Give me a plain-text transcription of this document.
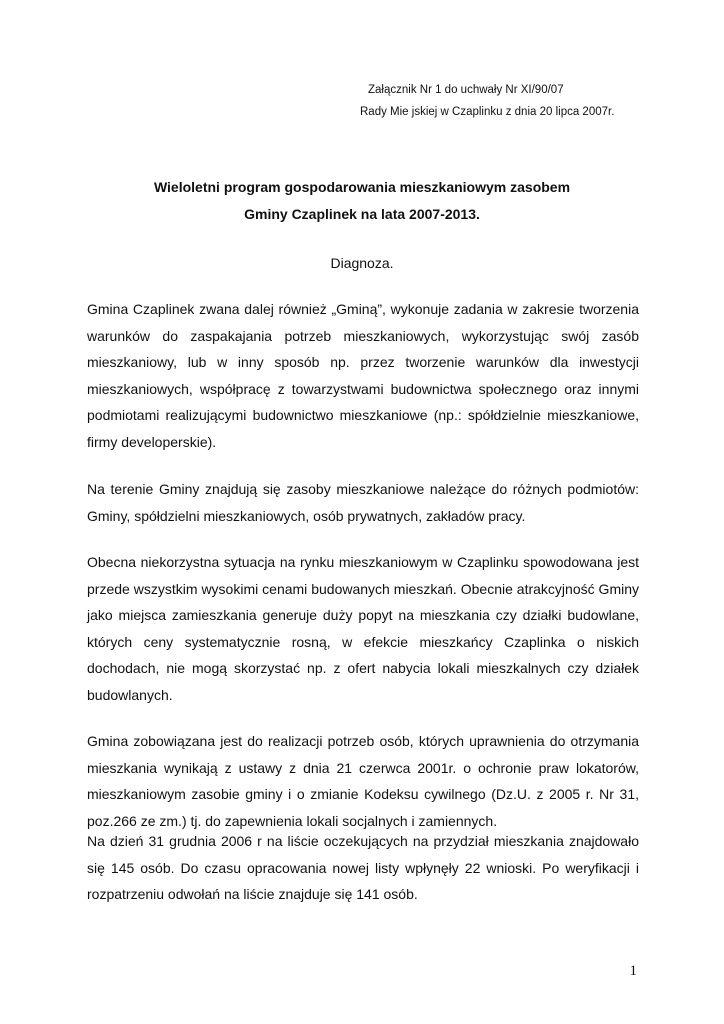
Załącznik Nr 1 do uchwały Nr XI/90/07
Rady Mie jskiej w Czaplinku z dnia 20 lipca 2007r.
Wieloletni program gospodarowania mieszkaniowym zasobem
Gminy Czaplinek na lata 2007-2013.
Diagnoza.
Gmina Czaplinek zwana dalej również „Gminą”, wykonuje zadania w zakresie tworzenia warunków do zaspakajania potrzeb mieszkaniowych, wykorzystując swój zasób mieszkaniowy, lub w inny sposób np. przez tworzenie warunków dla inwestycji mieszkaniowych, współpracę z towarzystwami budownictwa społecznego oraz innymi podmiotami realizującymi budownictwo mieszkaniowe (np.: spółdzielnie mieszkaniowe, firmy developerskie).
Na terenie Gminy znajdują się zasoby mieszkaniowe należące do różnych podmiotów: Gminy, spółdzielni mieszkaniowych, osób prywatnych, zakładów pracy.
Obecna niekorzystna sytuacja na rynku mieszkaniowym w Czaplinku spowodowana jest przede wszystkim wysokimi cenami budowanych mieszkań. Obecnie atrakcyjność Gminy jako miejsca zamieszkania generuje duży popyt na mieszkania czy działki budowlane, których ceny systematycznie rosną, w efekcie mieszkańcy Czaplinka o niskich dochodach, nie mogą skorzystać np. z ofert nabycia lokali mieszkalnych czy działek budowlanych.
Gmina zobowiązana jest do realizacji potrzeb osób, których uprawnienia do otrzymania mieszkania wynikają z ustawy z dnia 21 czerwca 2001r. o ochronie praw lokatorów, mieszkaniowym zasobie gminy i o zmianie Kodeksu cywilnego (Dz.U. z 2005 r. Nr 31, poz.266 ze zm.) tj. do zapewnienia lokali socjalnych i zamiennych.
Na dzień 31 grudnia 2006 r na liście oczekujących na przydział mieszkania znajdowało się 145 osób. Do czasu opracowania nowej listy wpłynęły 22 wnioski. Po weryfikacji i rozpatrzeniu odwołań na liście znajduje się 141 osób.
1
